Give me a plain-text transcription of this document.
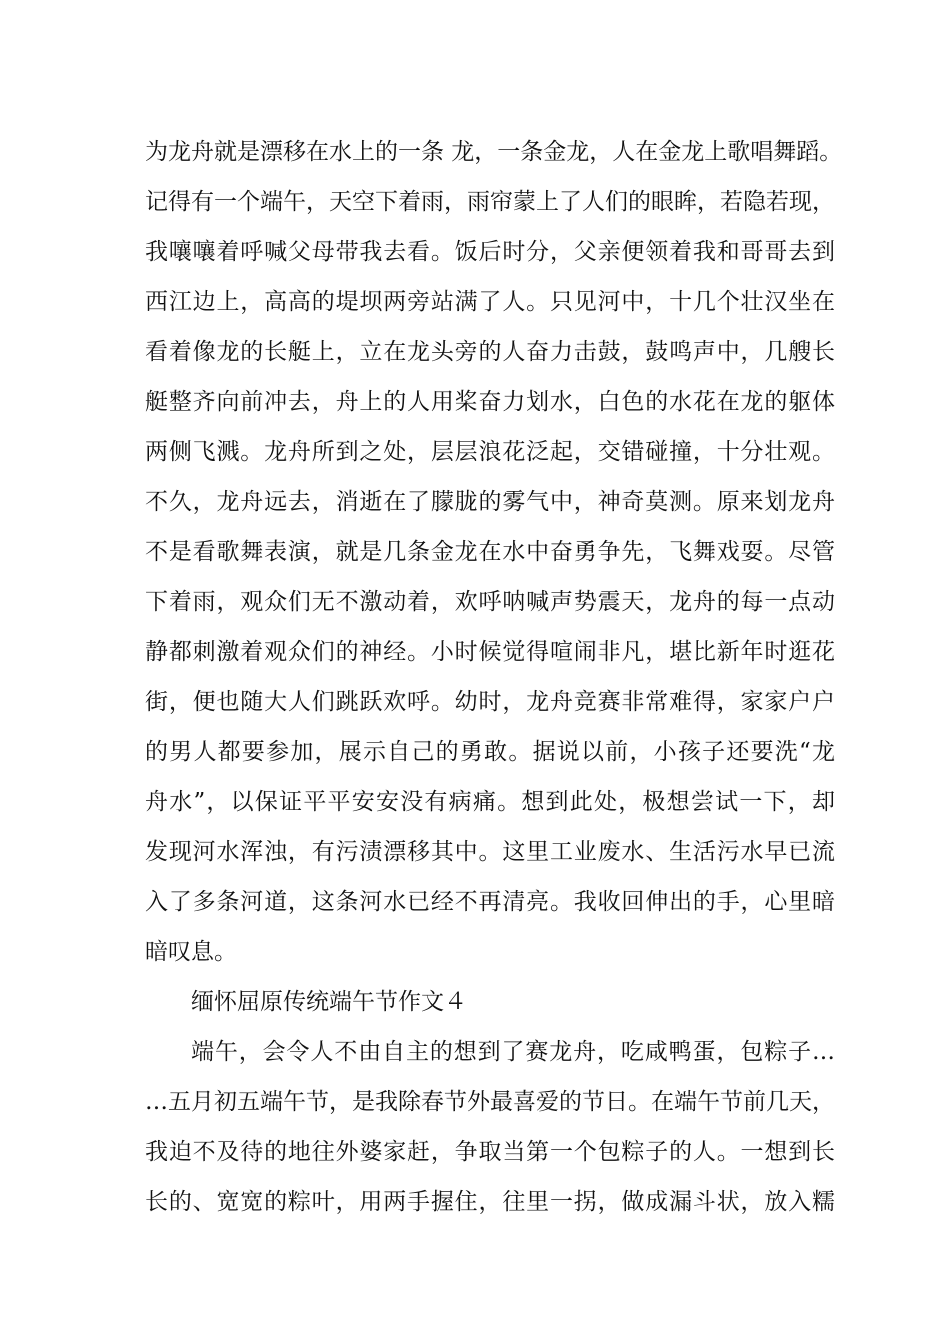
为龙舟就是漂移在水上的一条 龙，一条金龙，人在金龙上歌唱舞蹈。
记得有一个端午，天空下着雨，雨帘蒙上了人们的眼眸，若隐若现，
我嚷嚷着呼喊父母带我去看。饭后时分，父亲便领着我和哥哥去到
西江边上，高高的堤坝两旁站满了人。只见河中，十几个壮汉坐在
看着像龙的长艇上，立在龙头旁的人奋力击鼓，鼓鸣声中，几艘长
艇整齐向前冲去，舟上的人用桨奋力划水，白色的水花在龙的躯体
两侧飞溅。龙舟所到之处，层层浪花泛起，交错碰撞，十分壮观。
不久，龙舟远去，消逝在了朦胧的雾气中，神奇莫测。原来划龙舟
不是看歌舞表演，就是几条金龙在水中奋勇争先，飞舞戏耍。尽管
下着雨，观众们无不激动着，欢呼呐喊声势震天，龙舟的每一点动
静都刺激着观众们的神经。小时候觉得喧闹非凡，堪比新年时逛花
街，便也随大人们跳跃欢呼。幼时，龙舟竞赛非常难得，家家户户
的男人都要参加，展示自己的勇敢。据说以前，小孩子还要洗“龙
舟水”，以保证平平安安没有病痛。想到此处，极想尝试一下，却
发现河水浑浊，有污渍漂移其中。这里工业废水、生活污水早已流
入了多条河道，这条河水已经不再清亮。我收回伸出的手，心里暗
暗叹息。
缅怀屈原传统端午节作文４
端午，会令人不由自主的想到了赛龙舟，吃咸鸭蛋，包粽子…
…五月初五端午节，是我除春节外最喜爱的节日。在端午节前几天，
我迫不及待的地往外婆家赶，争取当第一个包粽子的人。一想到长
长的、宽宽的粽叶，用两手握住，往里一拐，做成漏斗状，放入糯
